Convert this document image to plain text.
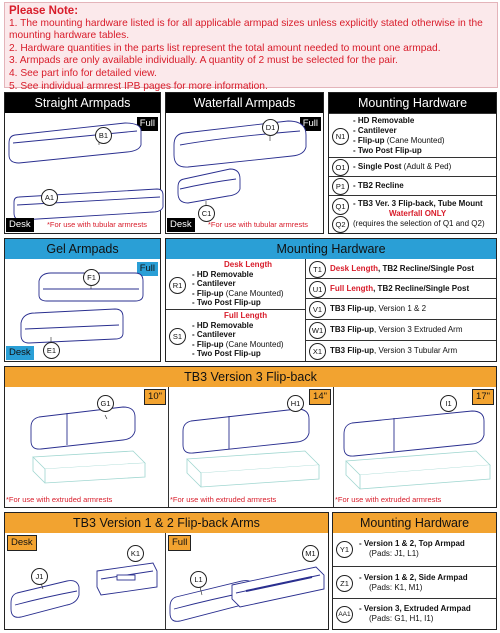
Please Note:
1. The mounting hardware listed is for all applicable armpad sizes unless explicitly stated otherwise in the mounting hardware tables.
2. Hardware quantities in the parts list represent the total amount needed to mount one armpad.
3. Armpads are only available individually. A quantity of 2 must be selected for the pair.
4. See part info for detailed view.
5. See individual armrest IPB pages for more information.
Straight Armpads
Full
B1
A1
Desk	*For use with tubular armrests
Waterfall Armpads
Full
D1
C1
Desk	*For use with tubular armrests
Mounting Hardware
N1
- HD Removable
- Cantilever
- Flip-up (Cane Mounted)
- Two Post Flip-up
O1 - Single Post (Adult & Ped)
P1 - TB2 Recline
Q1
Q2
- TB3 Ver. 3 Flip-back, Tube Mount
Waterfall ONLY
(requires the selection of Q1 and Q2)
Gel Armpads
Full
F1
E1
Desk
Mounting Hardware
R1
Desk Length
- HD Removable
- Cantilever
- Flip-up (Cane Mounted)
- Two Post Flip-up
S1
Full Length
- HD Removable
- Cantilever
- Flip-up (Cane Mounted)
- Two Post Flip-up
T1	Desk Length, TB2 Recline/Single Post
U1 Full Length, TB2 Recline/Single Post
V1 TB3 Flip-up, Version 1 & 2
W1 TB3 Flip-up, Version 3 Extruded Arm
X1 TB3 Flip-up, Version 3 Tubular Arm
TB3 Version 3 Flip-back
10"
G1
*For use with extruded armrests
14"
H1
*For use with extruded armrests
17"
I1
*For use with extruded armrests
TB3 Version 1 & 2 Flip-back Arms
Desk
J1
K1
Full
L1
M1
Mounting Hardware
Y1
- Version 1 & 2, Top Armpad
(Pads: J1, L1)
Z1
- Version 1 & 2, Side Armpad
(Pads: K1, M1)
AA1
- Version 3, Extruded Armpad
(Pads: G1, H1, I1)
